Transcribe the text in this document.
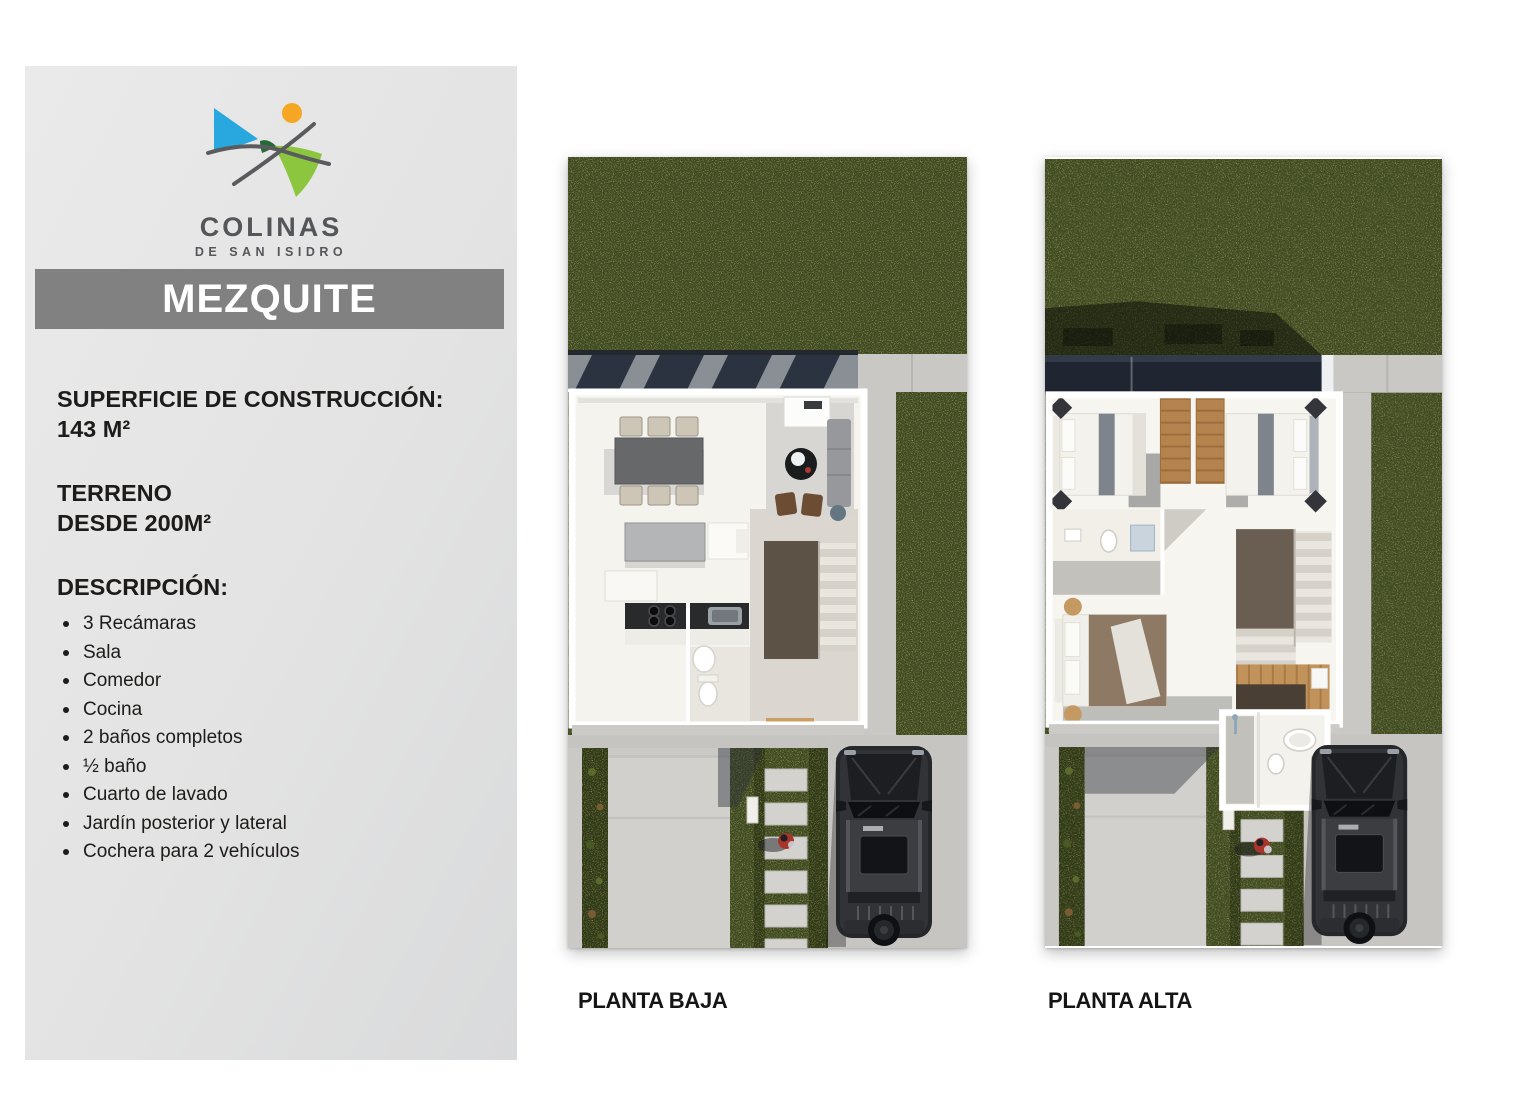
COLINAS
DE SAN ISIDRO
MEZQUITE

SUPERFICIE DE CONSTRUCCIÓN:
143 M²

TERRENO
DESDE 200M²

DESCRIPCIÓN:

3 Recámaras
Sala
Comedor
Cocina
2 baños completos
½ baño
Cuarto de lavado
Jardín posterior y lateral
Cochera para 2 vehículos
PLANTA BAJA	PLANTA ALTA
